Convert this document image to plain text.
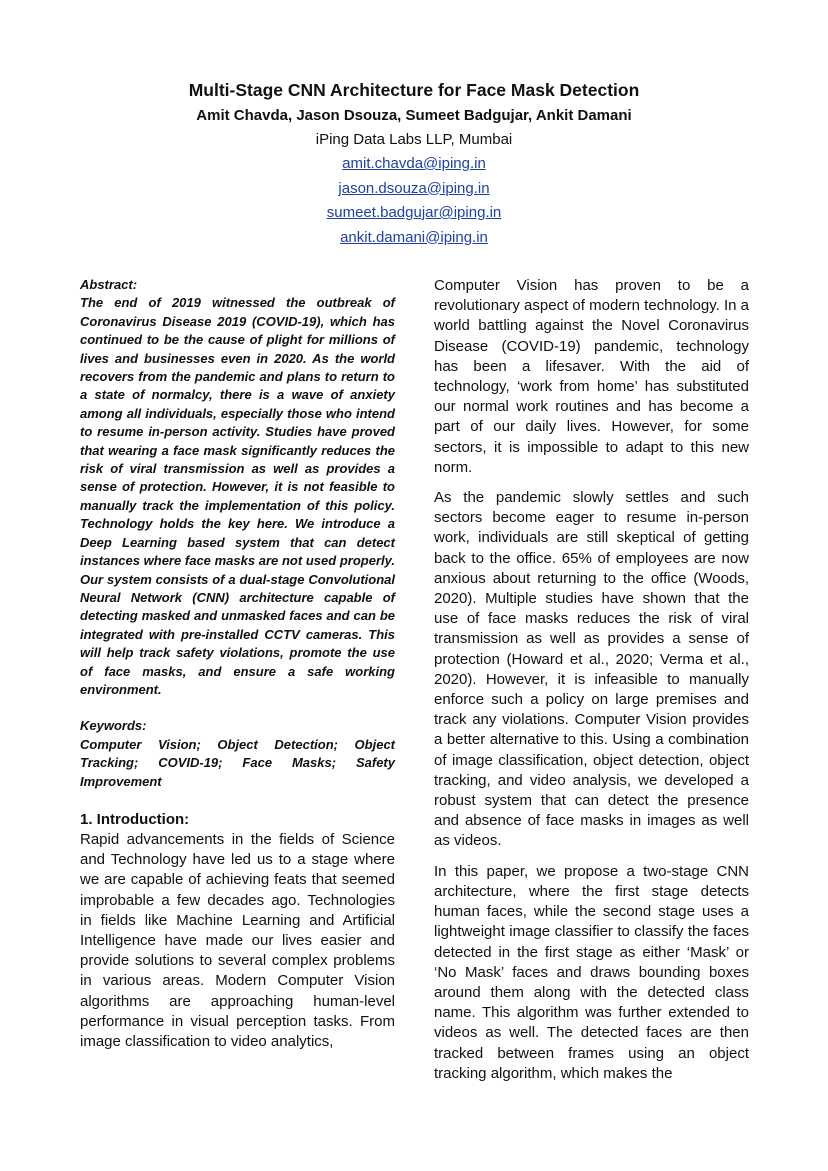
Multi-Stage CNN Architecture for Face Mask Detection
Amit Chavda, Jason Dsouza, Sumeet Badgujar, Ankit Damani
iPing Data Labs LLP, Mumbai
amit.chavda@iping.in
jason.dsouza@iping.in
sumeet.badgujar@iping.in
ankit.damani@iping.in

Abstract:

The end of 2019 witnessed the outbreak of Coronavirus Disease 2019 (COVID-19), which has continued to be the cause of plight for millions of lives and businesses even in 2020. As the world recovers from the pandemic and plans to return to a state of normalcy, there is a wave of anxiety among all individuals, especially those who intend to resume in-person activity. Studies have proved that wearing a face mask significantly reduces the risk of viral transmission as well as provides a sense of protection. However, it is not feasible to manually track the implementation of this policy. Technology holds the key here. We introduce a Deep Learning based system that can detect instances where face masks are not used properly. Our system consists of a dual-stage Convolutional Neural Network (CNN) architecture capable of detecting masked and unmasked faces and can be integrated with pre-installed CCTV cameras. This will help track safety violations, promote the use of face masks, and ensure a safe working environment.

Keywords:

Computer Vision; Object Detection; Object Tracking; COVID-19; Face Masks; Safety Improvement

1. Introduction:

Rapid advancements in the fields of Science and Technology have led us to a stage where we are capable of achieving feats that seemed improbable a few decades ago. Technologies in fields like Machine Learning and Artificial Intelligence have made our lives easier and provide solutions to several complex problems in various areas. Modern Computer Vision algorithms are approaching human-level performance in visual perception tasks. From image classification to video analytics,

Computer Vision has proven to be a revolutionary aspect of modern technology. In a world battling against the Novel Coronavirus Disease (COVID-19) pandemic, technology has been a lifesaver. With the aid of technology, ‘work from home’ has substituted our normal work routines and has become a part of our daily lives. However, for some sectors, it is impossible to adapt to this new norm.

As the pandemic slowly settles and such sectors become eager to resume in-person work, individuals are still skeptical of getting back to the office. 65% of employees are now anxious about returning to the office (Woods, 2020). Multiple studies have shown that the use of face masks reduces the risk of viral transmission as well as provides a sense of protection (Howard et al., 2020; Verma et al., 2020). However, it is infeasible to manually enforce such a policy on large premises and track any violations. Computer Vision provides a better alternative to this. Using a combination of image classification, object detection, object tracking, and video analysis, we developed a robust system that can detect the presence and absence of face masks in images as well as videos.

In this paper, we propose a two-stage CNN architecture, where the first stage detects human faces, while the second stage uses a lightweight image classifier to classify the faces detected in the first stage as either ‘Mask’ or ‘No Mask’ faces and draws bounding boxes around them along with the detected class name. This algorithm was further extended to videos as well. The detected faces are then tracked between frames using an object tracking algorithm, which makes the
